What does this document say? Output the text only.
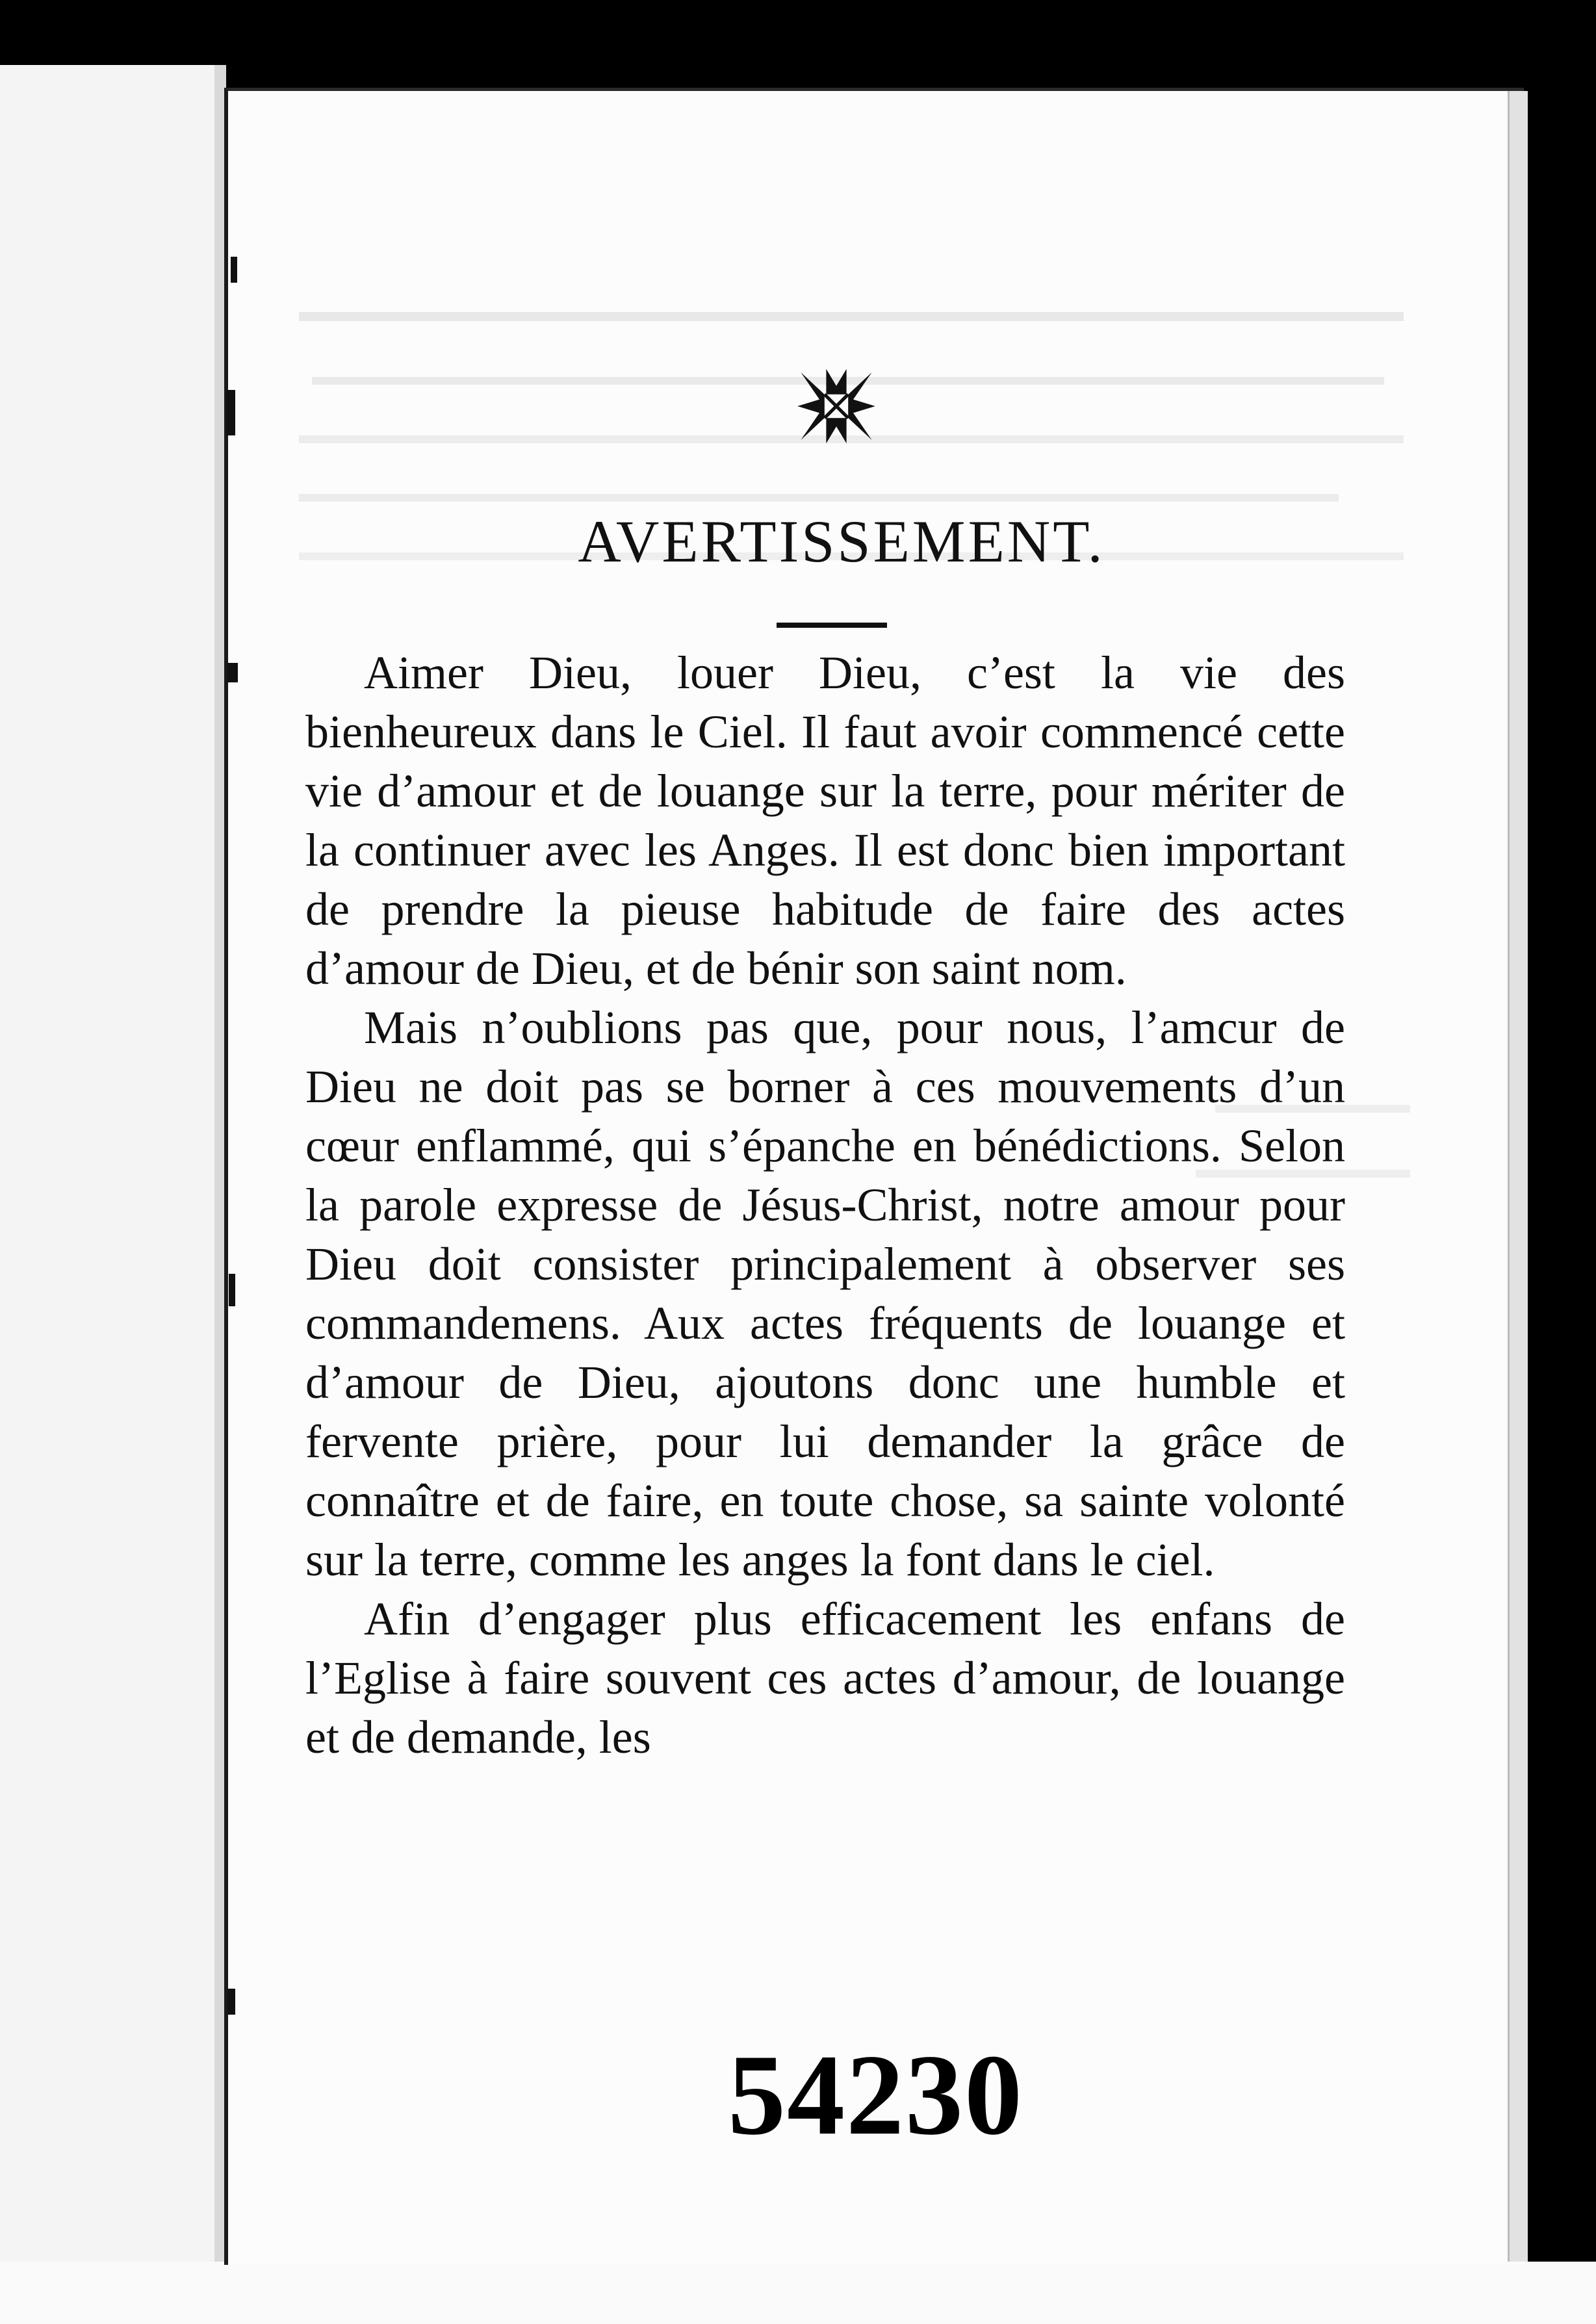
AVERTISSEMENT.

Aimer Dieu, louer Dieu, c’est la vie des bienheureux dans le Ciel. Il faut avoir commencé cette vie d’amour et de louange sur la terre, pour mériter de la continuer avec les Anges. Il est donc bien important de prendre la pieuse habitude de faire des actes d’amour de Dieu, et de bénir son saint nom.

Mais n’oublions pas que, pour nous, l’amcur de Dieu ne doit pas se borner à ces mouvements d’un cœur enflammé, qui s’épanche en bénédictions. Selon la parole expresse de Jésus-Christ, notre amour pour Dieu doit consister principalement à observer ses commandemens. Aux actes fréquents de louange et d’amour de Dieu, ajoutons donc une humble et fervente prière, pour lui demander la grâce de connaître et de faire, en toute chose, sa sainte volonté sur la terre, comme les anges la font dans le ciel.

Afin d’engager plus efficacement les enfans de l’Eglise à faire souvent ces actes d’amour, de louange et de demande, les

54230
